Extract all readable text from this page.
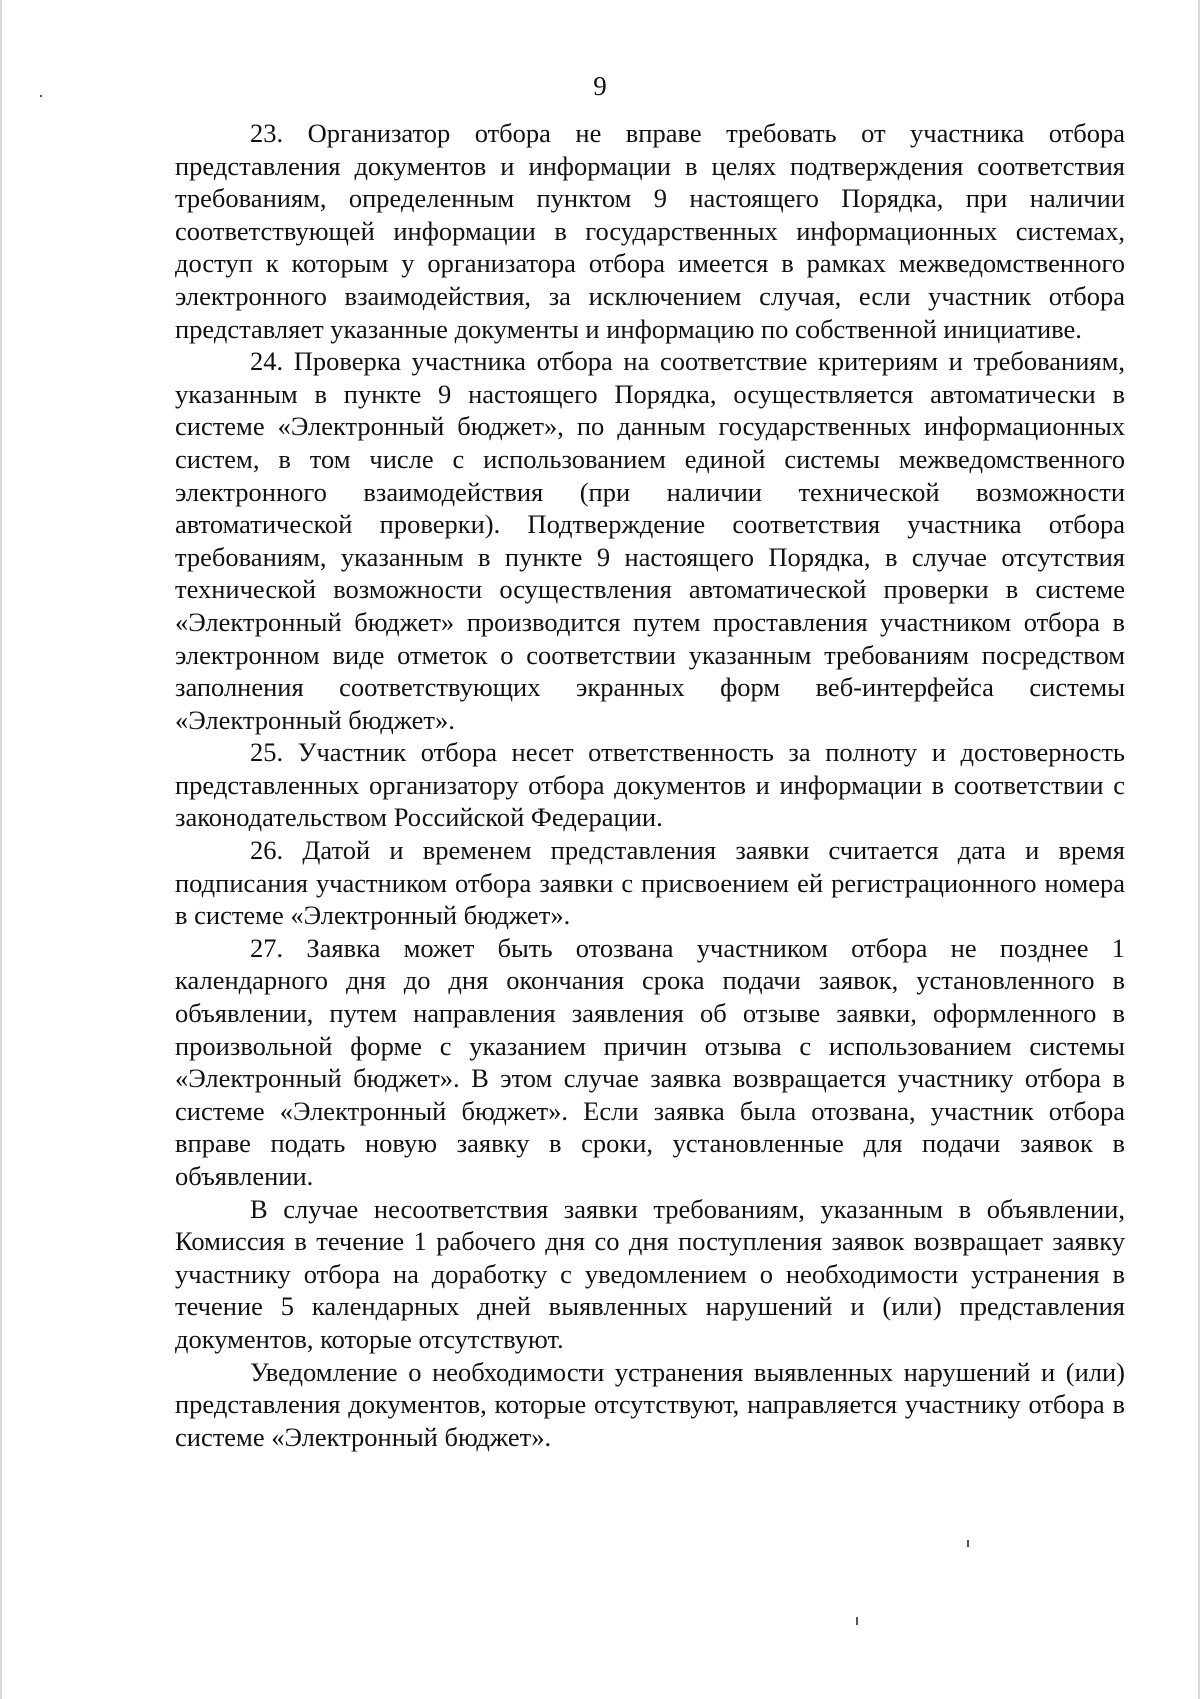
9

23. Организатор отбора не вправе требовать от участника отбора представления документов и информации в целях подтверждения соответствия требованиям, определенным пунктом 9 настоящего Порядка, при наличии соответствующей информации в государственных информационных системах, доступ к которым у организатора отбора имеется в рамках межведомственного электронного взаимодействия, за исключением случая, если участник отбора представляет указанные документы и информацию по собственной инициативе.

24. Проверка участника отбора на соответствие критериям и требованиям, указанным в пункте 9 настоящего Порядка, осуществляется автоматически в системе «Электронный бюджет», по данным государственных информационных систем, в том числе с использованием единой системы межведомственного электронного взаимодействия (при наличии технической возможности автоматической проверки). Подтверждение соответствия участника отбора требованиям, указанным в пункте 9 настоящего Порядка, в случае отсутствия технической возможности осуществления автоматической проверки в системе «Электронный бюджет» производится путем проставления участником отбора в электронном виде отметок о соответствии указанным требованиям посредством заполнения соответствующих экранных форм веб-интерфейса системы «Электронный бюджет».

25. Участник отбора несет ответственность за полноту и достоверность представленных организатору отбора документов и информации в соответствии с законодательством Российской Федерации.

26. Датой и временем представления заявки считается дата и время подписания участником отбора заявки с присвоением ей регистрационного номера в системе «Электронный бюджет».

27. Заявка может быть отозвана участником отбора не позднее 1 календарного дня до дня окончания срока подачи заявок, установленного в объявлении, путем направления заявления об отзыве заявки, оформленного в произвольной форме с указанием причин отзыва с использованием системы «Электронный бюджет». В этом случае заявка возвращается участнику отбора в системе «Электронный бюджет». Если заявка была отозвана, участник отбора вправе подать новую заявку в сроки, установленные для подачи заявок в объявлении.

В случае несоответствия заявки требованиям, указанным в объявлении, Комиссия в течение 1 рабочего дня со дня поступления заявок возвращает заявку участнику отбора на доработку с уведомлением о необходимости устранения в течение 5 календарных дней выявленных нарушений и (или) представления документов, которые отсутствуют.

Уведомление о необходимости устранения выявленных нарушений и (или) представления документов, которые отсутствуют, направляется участнику отбора в системе «Электронный бюджет».
